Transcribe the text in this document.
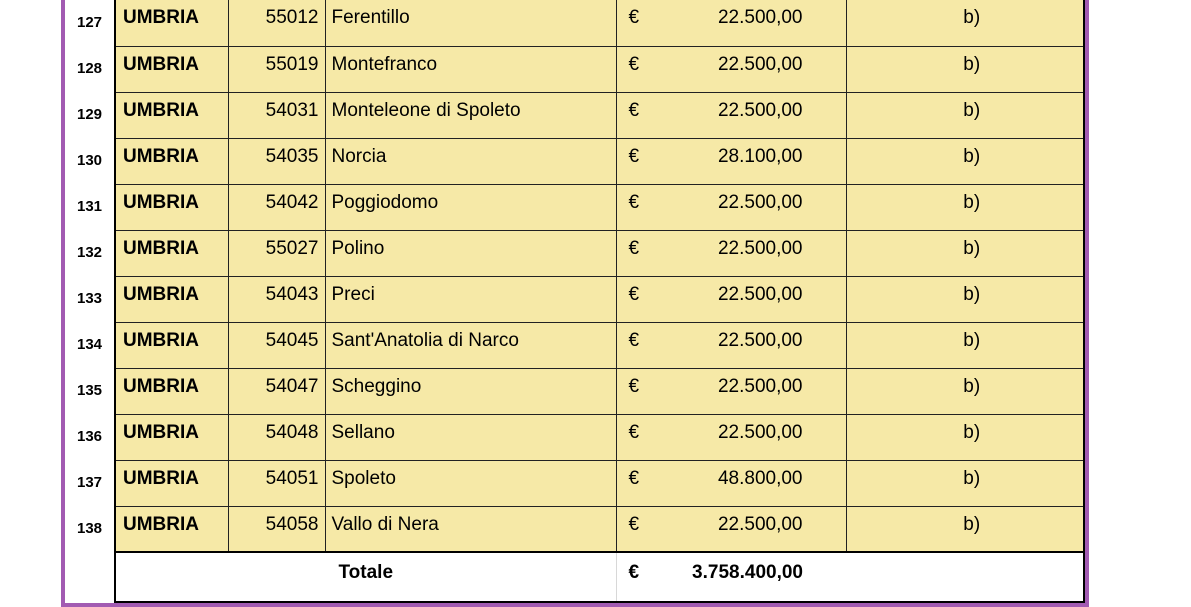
127	UMBRIA	55012	Ferentillo	€ 22.500,00	b)
128	UMBRIA	55019	Montefranco	€ 22.500,00	b)
129	UMBRIA	54031	Monteleone di Spoleto	€ 22.500,00	b)
130	UMBRIA	54035	Norcia	€ 28.100,00	b)
131	UMBRIA	54042	Poggiodomo	€ 22.500,00	b)
132	UMBRIA	55027	Polino	€ 22.500,00	b)
133	UMBRIA	54043	Preci	€ 22.500,00	b)
134	UMBRIA	54045	Sant'Anatolia di Narco	€ 22.500,00	b)
135	UMBRIA	54047	Scheggino	€ 22.500,00	b)
136	UMBRIA	54048	Sellano	€ 22.500,00	b)
137	UMBRIA	54051	Spoleto	€ 48.800,00	b)
138	UMBRIA	54058	Vallo di Nera	€ 22.500,00	b)
	Totale			€ 3.758.400,00	
